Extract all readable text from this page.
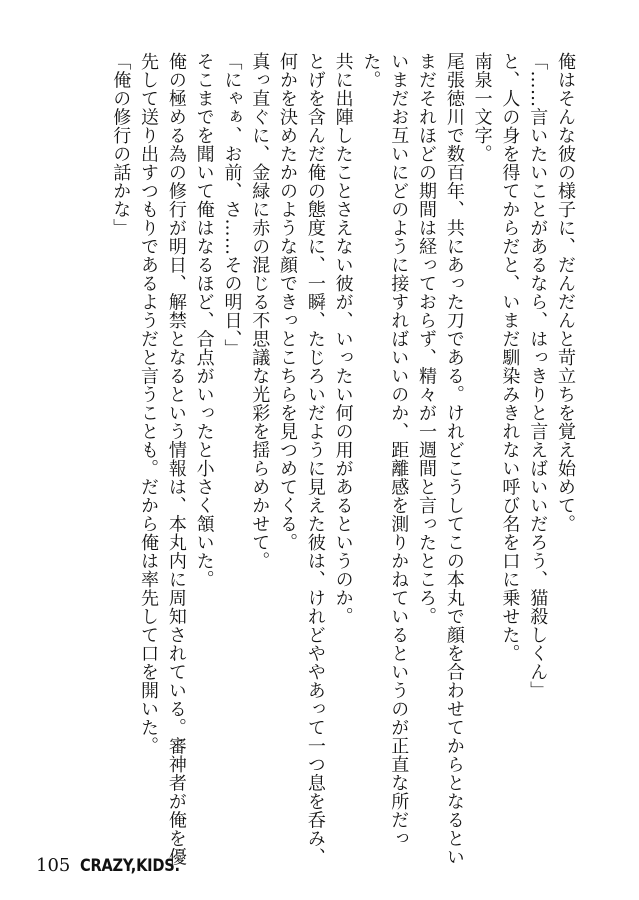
俺はそんな彼の様子に、だんだんと苛立ちを覚え始めて。
「……言いたいことがあるなら、はっきりと言えばいいだろう、猫殺しくん」
と、人の身を得てからだと、いまだ馴染みきれない呼び名を口に乗せた。
南泉一文字。
尾張徳川で数百年、共にあった刀である。けれどこうしてこの本丸で顔を合わせてからとなるといまだそれほどの期間は経っておらず、精々が一週間と言ったところ。
いまだお互いにどのように接すればいいのか、距離感を測りかねているというのが正直な所だった。
共に出陣したことさえない彼が、いったい何の用があるというのか。
とげを含んだ俺の態度に、一瞬、たじろいだように見えた彼は、けれどややあって一つ息を呑み、何かを決めたかのような顔できっとこちらを見つめてくる。
真っ直ぐに、金緑に赤の混じる不思議な光彩を揺らめかせて。
「にゃぁ、お前、さ……その明日、」
そこまでを聞いて俺はなるほど、合点がいったと小さく頷いた。
俺の極める為の修行が明日、解禁となるという情報は、本丸内に周知されている。審神者が俺を優先して送り出すつもりであるようだと言うことも。だから俺は率先して口を開いた。
「俺の修行の話かな」
105 CRAZY,KIDS.
